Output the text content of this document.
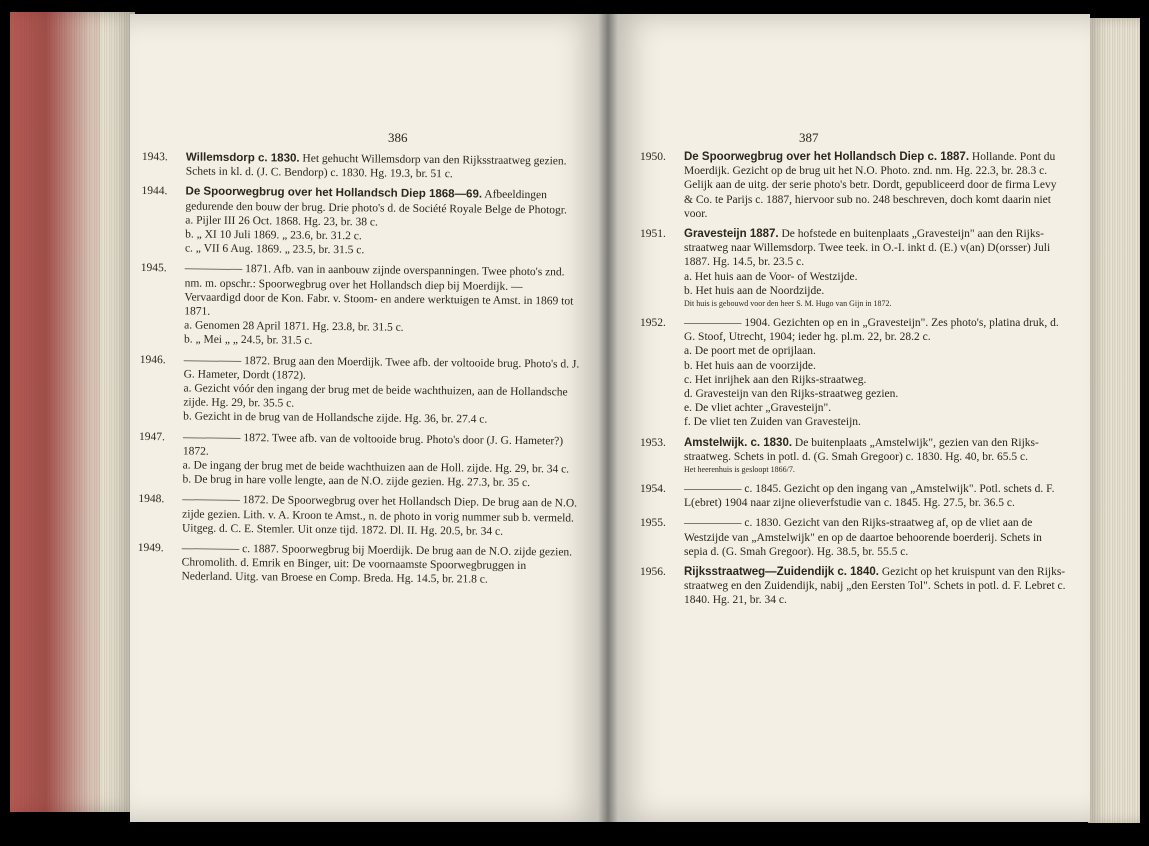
386
1943. Willemsdorp c. 1830. Het gehucht Willemsdorp van den Rijksstraatweg gezien. Schets in kl. d. (J. C. Bendorp) c. 1830. Hg. 19.3, br. 51 c.
1944. De Spoorwegbrug over het Hollandsch Diep 1868—69. Afbeeldingen gedurende den bouw der brug. Drie photo's d. de Société Royale Belge de Photogr.
a. Pijler III 26 Oct. 1868. Hg. 23, br. 38 c.
b. „ XI 10 Juli 1869. „ 23.6, br. 31.2 c.
c. „ VII 6 Aug. 1869. „ 23.5, br. 31.5 c.
1945. ————— 1871. Afb. van in aanbouw zijnde overspanningen. Twee photo's znd. nm. m. opschr.: Spoorwegbrug over het Hollandsch diep bij Moerdijk. — Vervaardigd door de Kon. Fabr. v. Stoom- en andere werktuigen te Amst. in 1869 tot 1871.
a. Genomen 28 April 1871. Hg. 23.8, br. 31.5 c.
b. „ Mei „ „ 24.5, br. 31.5 c.
1946. ————— 1872. Brug aan den Moerdijk. Twee afb. der voltooide brug. Photo's d. J. G. Hameter, Dordt (1872).
a. Gezicht vóór den ingang der brug met de beide wachthuizen, aan de Hollandsche zijde. Hg. 29, br. 35.5 c.
b. Gezicht in de brug van de Hollandsche zijde. Hg. 36, br. 27.4 c.
1947. ————— 1872. Twee afb. van de voltooide brug. Photo's door (J. G. Hameter?) 1872.
a. De ingang der brug met de beide wachthuizen aan de Holl. zijde. Hg. 29, br. 34 c.
b. De brug in hare volle lengte, aan de N.O. zijde gezien. Hg. 27.3, br. 35 c.
1948. ————— 1872. De Spoorwegbrug over het Hollandsch Diep. De brug aan de N.O. zijde gezien. Lith. v. A. Kroon te Amst., n. de photo in vorig nummer sub b. vermeld. Uitgeg. d. C. E. Stemler. Uit onze tijd. 1872. Dl. II. Hg. 20.5, br. 34 c.
1949. ————— c. 1887. Spoorwegbrug bij Moerdijk. De brug aan de N.O. zijde gezien. Chromolith. d. Emrik en Binger, uit: De voornaamste Spoorwegbruggen in Nederland. Uitg. van Broese en Comp. Breda. Hg. 14.5, br. 21.8 c.
387
1950. De Spoorwegbrug over het Hollandsch Diep c. 1887. Hollande. Pont du Moerdijk. Gezicht op de brug uit het N.O. Photo. znd. nm. Hg. 22.3, br. 28.3 c. Gelijk aan de uitg. der serie photo's betr. Dordt, gepubliceerd door de firma Levy & Co. te Parijs c. 1887, hiervoor sub no. 248 beschreven, doch komt daarin niet voor.
1951. Gravesteijn 1887. De hofstede en buitenplaats „Gravesteijn" aan den Rijks-straatweg naar Willemsdorp. Twee teek. in O.-I. inkt d. (E.) v(an) D(orsser) Juli 1887. Hg. 14.5, br. 23.5 c.
a. Het huis aan de Voor- of Westzijde.
b. Het huis aan de Noordzijde.
Dit huis is gebouwd voor den heer S. M. Hugo van Gijn in 1872.
1952. ————— 1904. Gezichten op en in „Gravesteijn". Zes photo's, platina druk, d. G. Stoof, Utrecht, 1904; ieder hg. pl.m. 22, br. 28.2 c.
a. De poort met de oprijlaan.
b. Het huis aan de voorzijde.
c. Het inrijhek aan den Rijks-straatweg.
d. Gravesteijn van den Rijks-straatweg gezien.
e. De vliet achter „Gravesteijn".
f. De vliet ten Zuiden van Gravesteijn.
1953. Amstelwijk. c. 1830. De buitenplaats „Amstelwijk", gezien van den Rijks-straatweg. Schets in potl. d. (G. Smah Gregoor) c. 1830. Hg. 40, br. 65.5 c.
Het heerenhuis is gesloopt 1866/7.
1954. ————— c. 1845. Gezicht op den ingang van „Amstelwijk". Potl. schets d. F. L(ebret) 1904 naar zijne olieverfstudie van c. 1845. Hg. 27.5, br. 36.5 c.
1955. ————— c. 1830. Gezicht van den Rijks-straatweg af, op de vliet aan de Westzijde van „Amstelwijk" en op de daartoe behoorende boerderij. Schets in sepia d. (G. Smah Gregoor). Hg. 38.5, br. 55.5 c.
1956. Rijksstraatweg—Zuidendijk c. 1840. Gezicht op het kruispunt van den Rijks-straatweg en den Zuidendijk, nabij „den Eersten Tol". Schets in potl. d. F. Lebret c. 1840. Hg. 21, br. 34 c.
